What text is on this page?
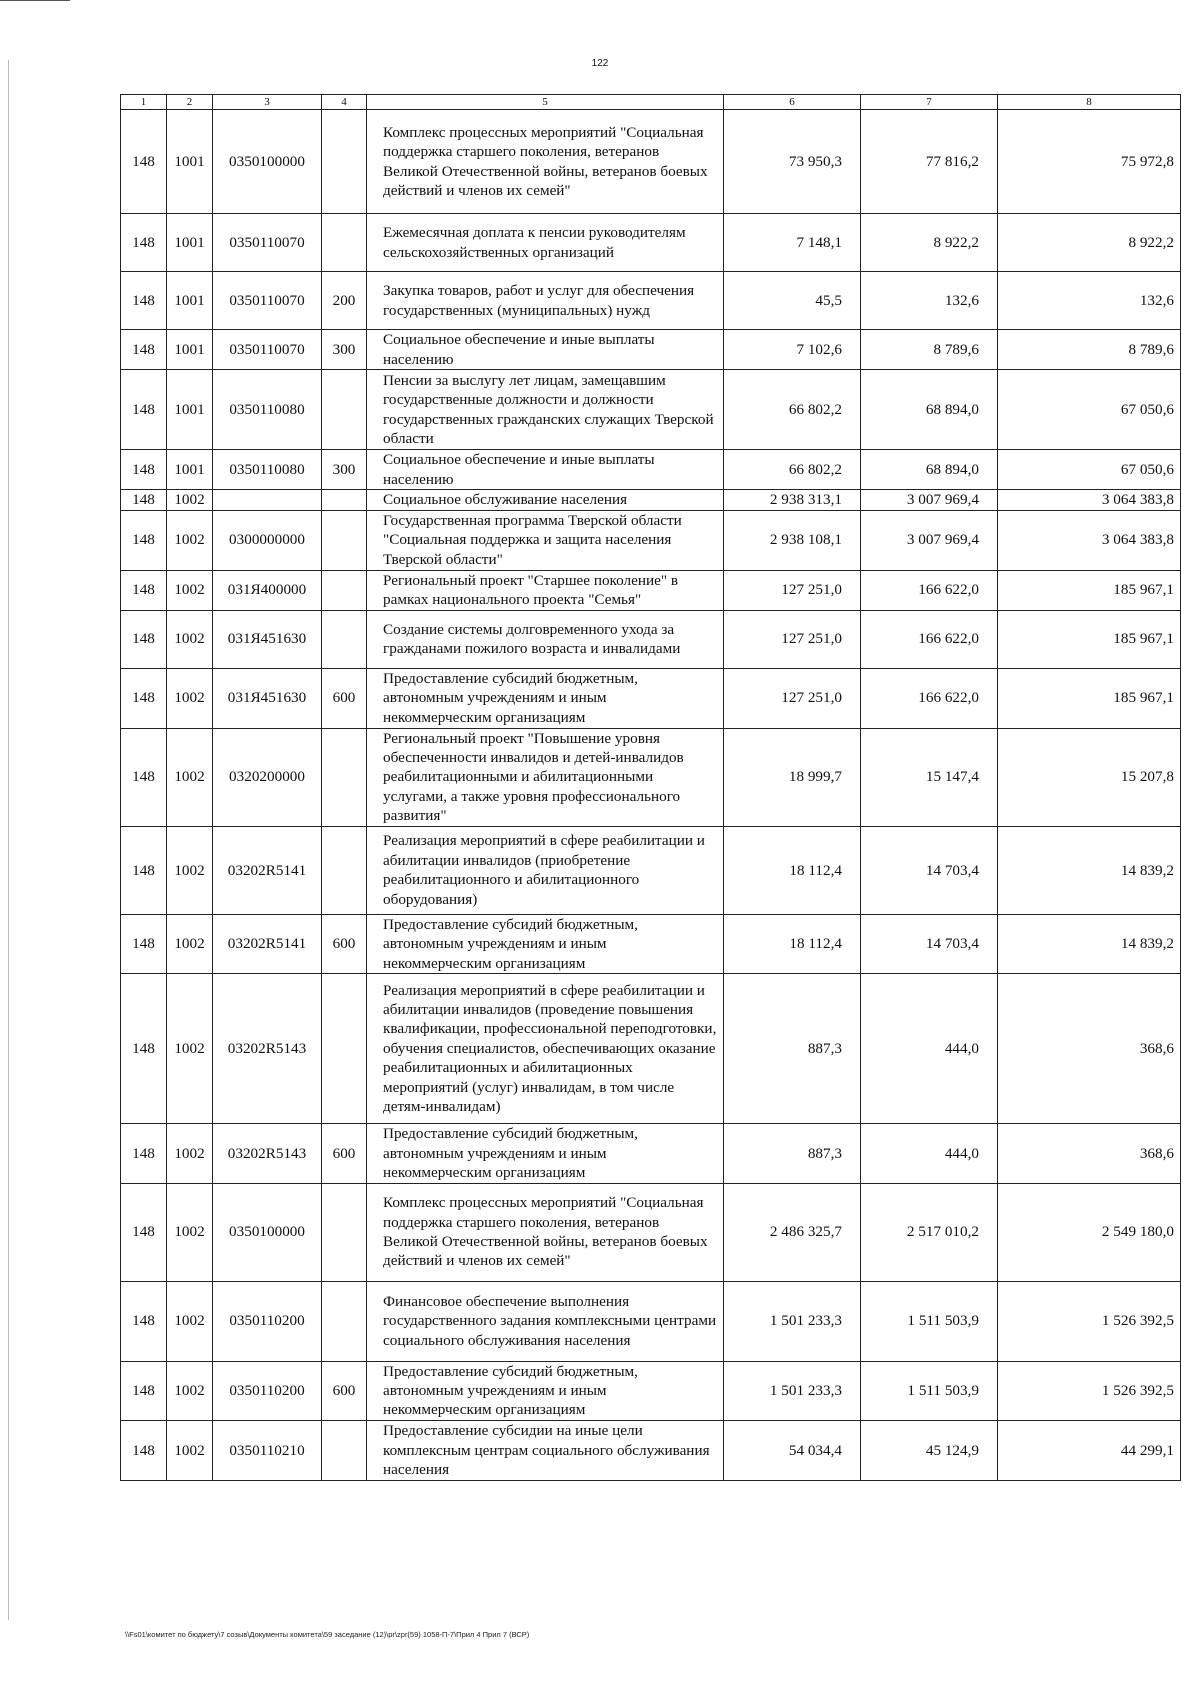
122
1	2	3	4	5	6	7	8
148	1001	0350100000		Комплекс процессных мероприятий "Социальная поддержка старшего поколения, ветеранов Великой Отечественной войны, ветеранов боевых действий и членов их семей"	73 950,3	77 816,2	75 972,8
148	1001	0350110070		Ежемесячная доплата к пенсии руководителям сельскохозяйственных организаций	7 148,1	8 922,2	8 922,2
148	1001	0350110070	200	Закупка товаров, работ и услуг для обеспечения государственных (муниципальных) нужд	45,5	132,6	132,6
148	1001	0350110070	300	Социальное обеспечение и иные выплаты населению	7 102,6	8 789,6	8 789,6
148	1001	0350110080		Пенсии за выслугу лет лицам, замещавшим государственные должности и должности государственных гражданских служащих Тверской области	66 802,2	68 894,0	67 050,6
148	1001	0350110080	300	Социальное обеспечение и иные выплаты населению	66 802,2	68 894,0	67 050,6
148	1002			Социальное обслуживание населения	2 938 313,1	3 007 969,4	3 064 383,8
148	1002	0300000000		Государственная программа Тверской области "Социальная поддержка и защита населения Тверской области"	2 938 108,1	3 007 969,4	3 064 383,8
148	1002	031Я400000		Региональный проект "Старшее поколение" в рамках национального проекта "Семья"	127 251,0	166 622,0	185 967,1
148	1002	031Я451630		Создание системы долговременного ухода за гражданами пожилого возраста и инвалидами	127 251,0	166 622,0	185 967,1
148	1002	031Я451630	600	Предоставление субсидий бюджетным, автономным учреждениям и иным некоммерческим организациям	127 251,0	166 622,0	185 967,1
148	1002	0320200000		Региональный проект "Повышение уровня обеспеченности инвалидов и детей-инвалидов реабилитационными и абилитационными услугами, а также уровня профессионального развития"	18 999,7	15 147,4	15 207,8
148	1002	03202R5141		Реализация мероприятий в сфере реабилитации и абилитации инвалидов (приобретение реабилитационного и абилитационного оборудования)	18 112,4	14 703,4	14 839,2
148	1002	03202R5141	600	Предоставление субсидий бюджетным, автономным учреждениям и иным некоммерческим организациям	18 112,4	14 703,4	14 839,2
148	1002	03202R5143		Реализация мероприятий в сфере реабилитации и абилитации инвалидов (проведение повышения квалификации, профессиональной переподготовки, обучения специалистов, обеспечивающих оказание реабилитационных и абилитационных мероприятий (услуг) инвалидам, в том числе детям-инвалидам)	887,3	444,0	368,6
148	1002	03202R5143	600	Предоставление субсидий бюджетным, автономным учреждениям и иным некоммерческим организациям	887,3	444,0	368,6
148	1002	0350100000		Комплекс процессных мероприятий "Социальная поддержка старшего поколения, ветеранов Великой Отечественной войны, ветеранов боевых действий и членов их семей"	2 486 325,7	2 517 010,2	2 549 180,0
148	1002	0350110200		Финансовое обеспечение выполнения государственного задания комплексными центрами социального обслуживания населения	1 501 233,3	1 511 503,9	1 526 392,5
148	1002	0350110200	600	Предоставление субсидий бюджетным, автономным учреждениям и иным некоммерческим организациям	1 501 233,3	1 511 503,9	1 526 392,5
148	1002	0350110210		Предоставление субсидии на иные цели комплексным центрам социального обслуживания населения	54 034,4	45 124,9	44 299,1
\\Fs01\комитет по бюджету\7 созыв\Документы комитета\59 заседание (12)\pr\zpr(59) 1058-П-7\Прил 4 Прил 7 (ВСР)
